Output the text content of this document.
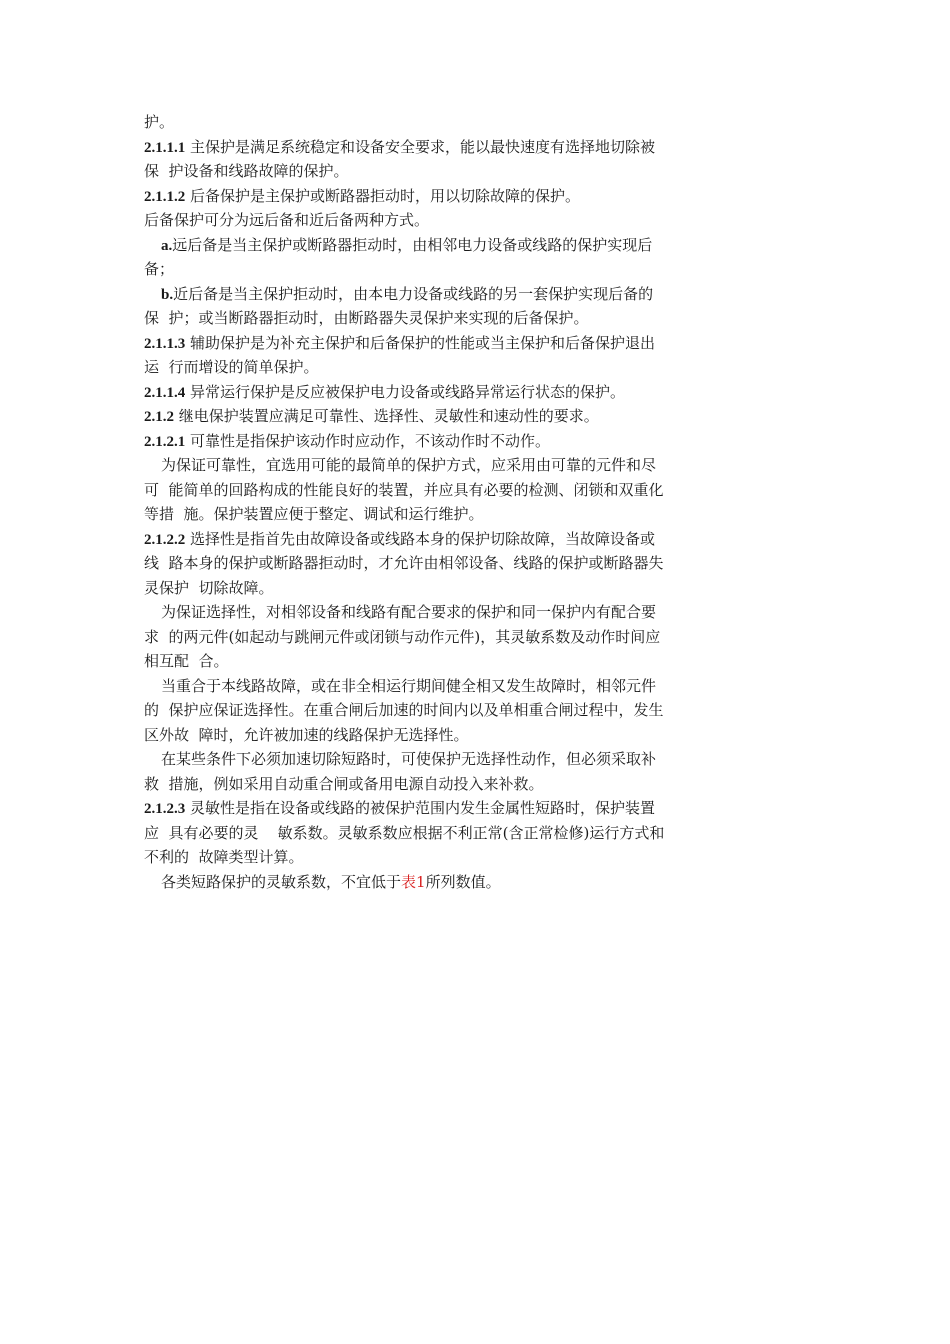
护。
2.1.1.1 主保护是满足系统稳定和设备安全要求，能以最快速度有选择地切除被
保  护设备和线路故障的保护。
2.1.1.2 后备保护是主保护或断路器拒动时，用以切除故障的保护。
后备保护可分为远后备和近后备两种方式。
a.远后备是当主保护或断路器拒动时，由相邻电力设备或线路的保护实现后
备；
b.近后备是当主保护拒动时，由本电力设备或线路的另一套保护实现后备的
保  护；或当断路器拒动时，由断路器失灵保护来实现的后备保护。
2.1.1.3 辅助保护是为补充主保护和后备保护的性能或当主保护和后备保护退出
运  行而增设的简单保护。
2.1.1.4 异常运行保护是反应被保护电力设备或线路异常运行状态的保护。
2.1.2 继电保护装置应满足可靠性、选择性、灵敏性和速动性的要求。
2.1.2.1 可靠性是指保护该动作时应动作，不该动作时不动作。
为保证可靠性，宜选用可能的最简单的保护方式，应采用由可靠的元件和尽
可  能简单的回路构成的性能良好的装置，并应具有必要的检测、闭锁和双重化
等措  施。保护装置应便于整定、调试和运行维护。
2.1.2.2 选择性是指首先由故障设备或线路本身的保护切除故障，当故障设备或
线  路本身的保护或断路器拒动时，才允许由相邻设备、线路的保护或断路器失
灵保护  切除故障。
为保证选择性，对相邻设备和线路有配合要求的保护和同一保护内有配合要
求  的两元件(如起动与跳闸元件或闭锁与动作元件)，其灵敏系数及动作时间应
相互配  合。
当重合于本线路故障，或在非全相运行期间健全相又发生故障时，相邻元件
的  保护应保证选择性。在重合闸后加速的时间内以及单相重合闸过程中，发生
区外故  障时，允许被加速的线路保护无选择性。
在某些条件下必须加速切除短路时，可使保护无选择性动作，但必须采取补
救  措施，例如采用自动重合闸或备用电源自动投入来补救。
2.1.2.3 灵敏性是指在设备或线路的被保护范围内发生金属性短路时，保护装置
应  具有必要的灵    敏系数。灵敏系数应根据不利正常(含正常检修)运行方式和
不利的  故障类型计算。
各类短路保护的灵敏系数，不宜低于表1所列数值。
